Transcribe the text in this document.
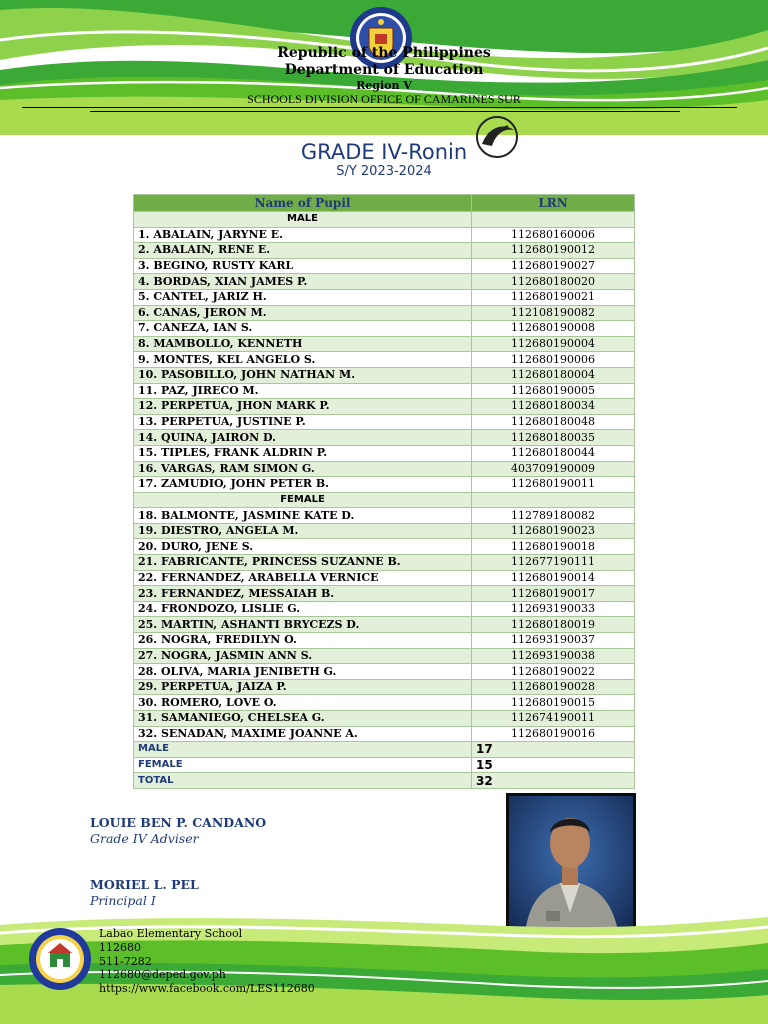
Republic of the Philippines
Department of Education
Region V
SCHOOLS DIVISION OFFICE OF CAMARINES SUR
GRADE IV-Ronin
S/Y 2023-2024
Name of Pupil	LRN
MALE	
1. ABALAIN, JARYNE E.	112680160006
2. ABALAIN, RENE E.	112680190012
3. BEGINO, RUSTY KARL	112680190027
4. BORDAS, XIAN JAMES P.	112680180020
5. CANTEL, JARIZ H.	112680190021
6. CANAS, JERON M.	112108190082
7. CANEZA, IAN S.	112680190008
8. MAMBOLLO, KENNETH	112680190004
9. MONTES, KEL ANGELO S.	112680190006
10. PASOBILLO, JOHN NATHAN M.	112680180004
11. PAZ, JIRECO M.	112680190005
12. PERPETUA, JHON MARK P.	112680180034
13. PERPETUA, JUSTINE P.	112680180048
14. QUINA, JAIRON D.	112680180035
15. TIPLES, FRANK ALDRIN P.	112680180044
16. VARGAS, RAM SIMON G.	403709190009
17. ZAMUDIO, JOHN PETER B.	112680190011
FEMALE	
18. BALMONTE, JASMINE KATE D.	112789180082
19. DIESTRO, ANGELA M.	112680190023
20. DURO, JENE S.	112680190018
21. FABRICANTE, PRINCESS SUZANNE B.	112677190111
22. FERNANDEZ, ARABELLA VERNICE	112680190014
23. FERNANDEZ, MESSAIAH B.	112680190017
24. FRONDOZO, LISLIE G.	112693190033
25. MARTIN, ASHANTI BRYCEZS D.	112680180019
26. NOGRA, FREDILYN O.	112693190037
27. NOGRA, JASMIN ANN S.	112693190038
28. OLIVA, MARIA JENIBETH G.	112680190022
29. PERPETUA, JAIZA P.	112680190028
30. ROMERO, LOVE O.	112680190015
31. SAMANIEGO, CHELSEA G.	112674190011
32. SENADAN, MAXIME JOANNE A.	112680190016
MALE	17
FEMALE	15
TOTAL	32
LOUIE BEN P. CANDANO
Grade IV Adviser
MORIEL L. PEL
Principal I
Labao Elementary School
112680
511-7282
112680@deped.gov.ph
https://www.facebook.com/LES112680
